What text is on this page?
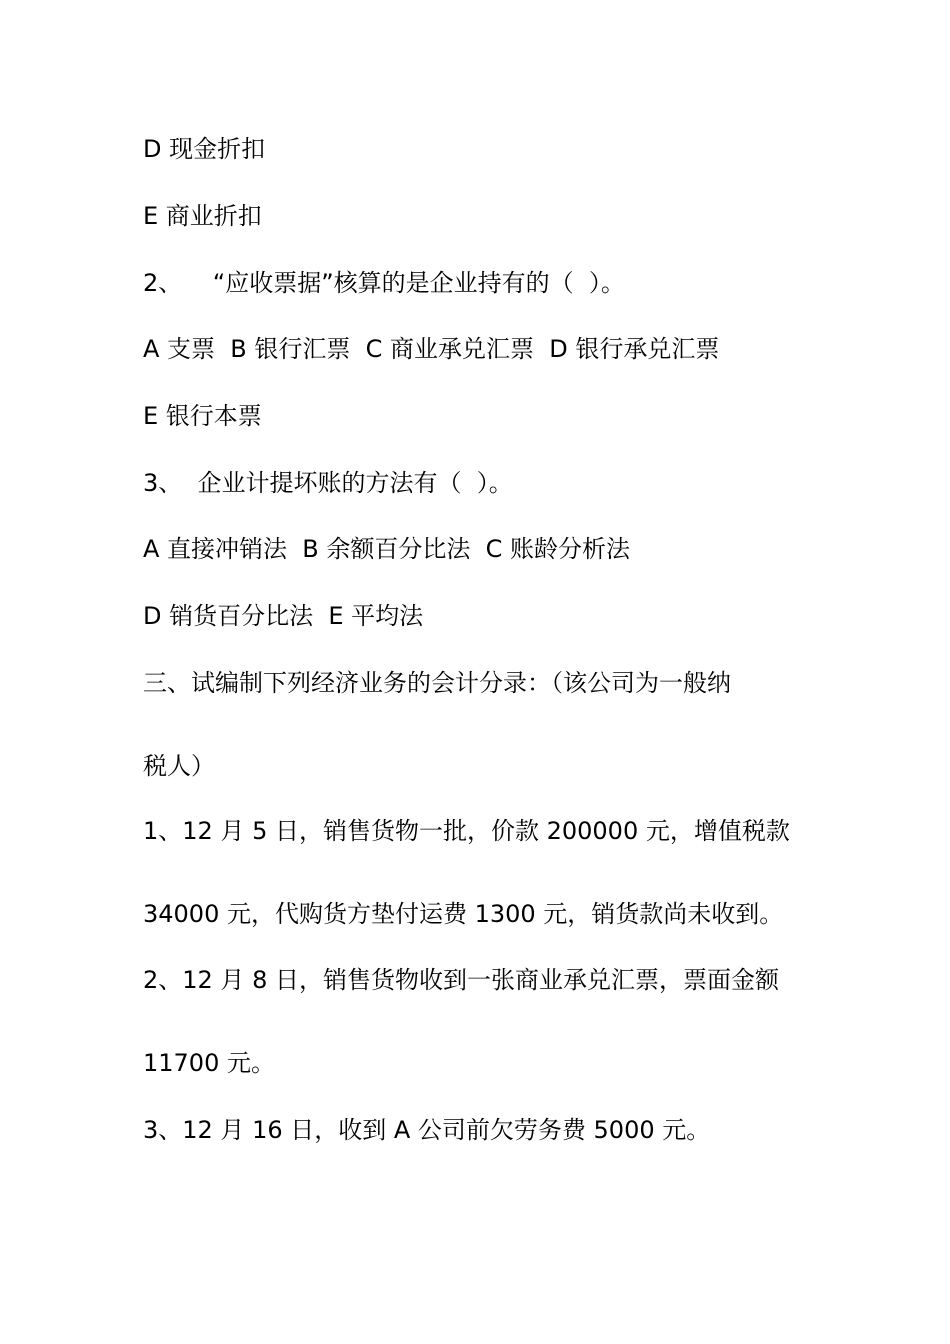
D 现金折扣
E 商业折扣
2、    “应收票据”核算的是企业持有的（  ）。
A 支票  B 银行汇票  C 商业承兑汇票  D 银行承兑汇票
E 银行本票
3、  企业计提坏账的方法有（  ）。
A 直接冲销法  B 余额百分比法  C 账龄分析法
D 销货百分比法  E 平均法
三、试编制下列经济业务的会计分录：（该公司为一般纳
税人）
1、12 月 5 日，销售货物一批，价款 200000 元，增值税款
34000 元，代购货方垫付运费 1300 元，销货款尚未收到。
2、12 月 8 日，销售货物收到一张商业承兑汇票，票面金额
11700 元。
3、12 月 16 日，收到 A 公司前欠劳务费 5000 元。
